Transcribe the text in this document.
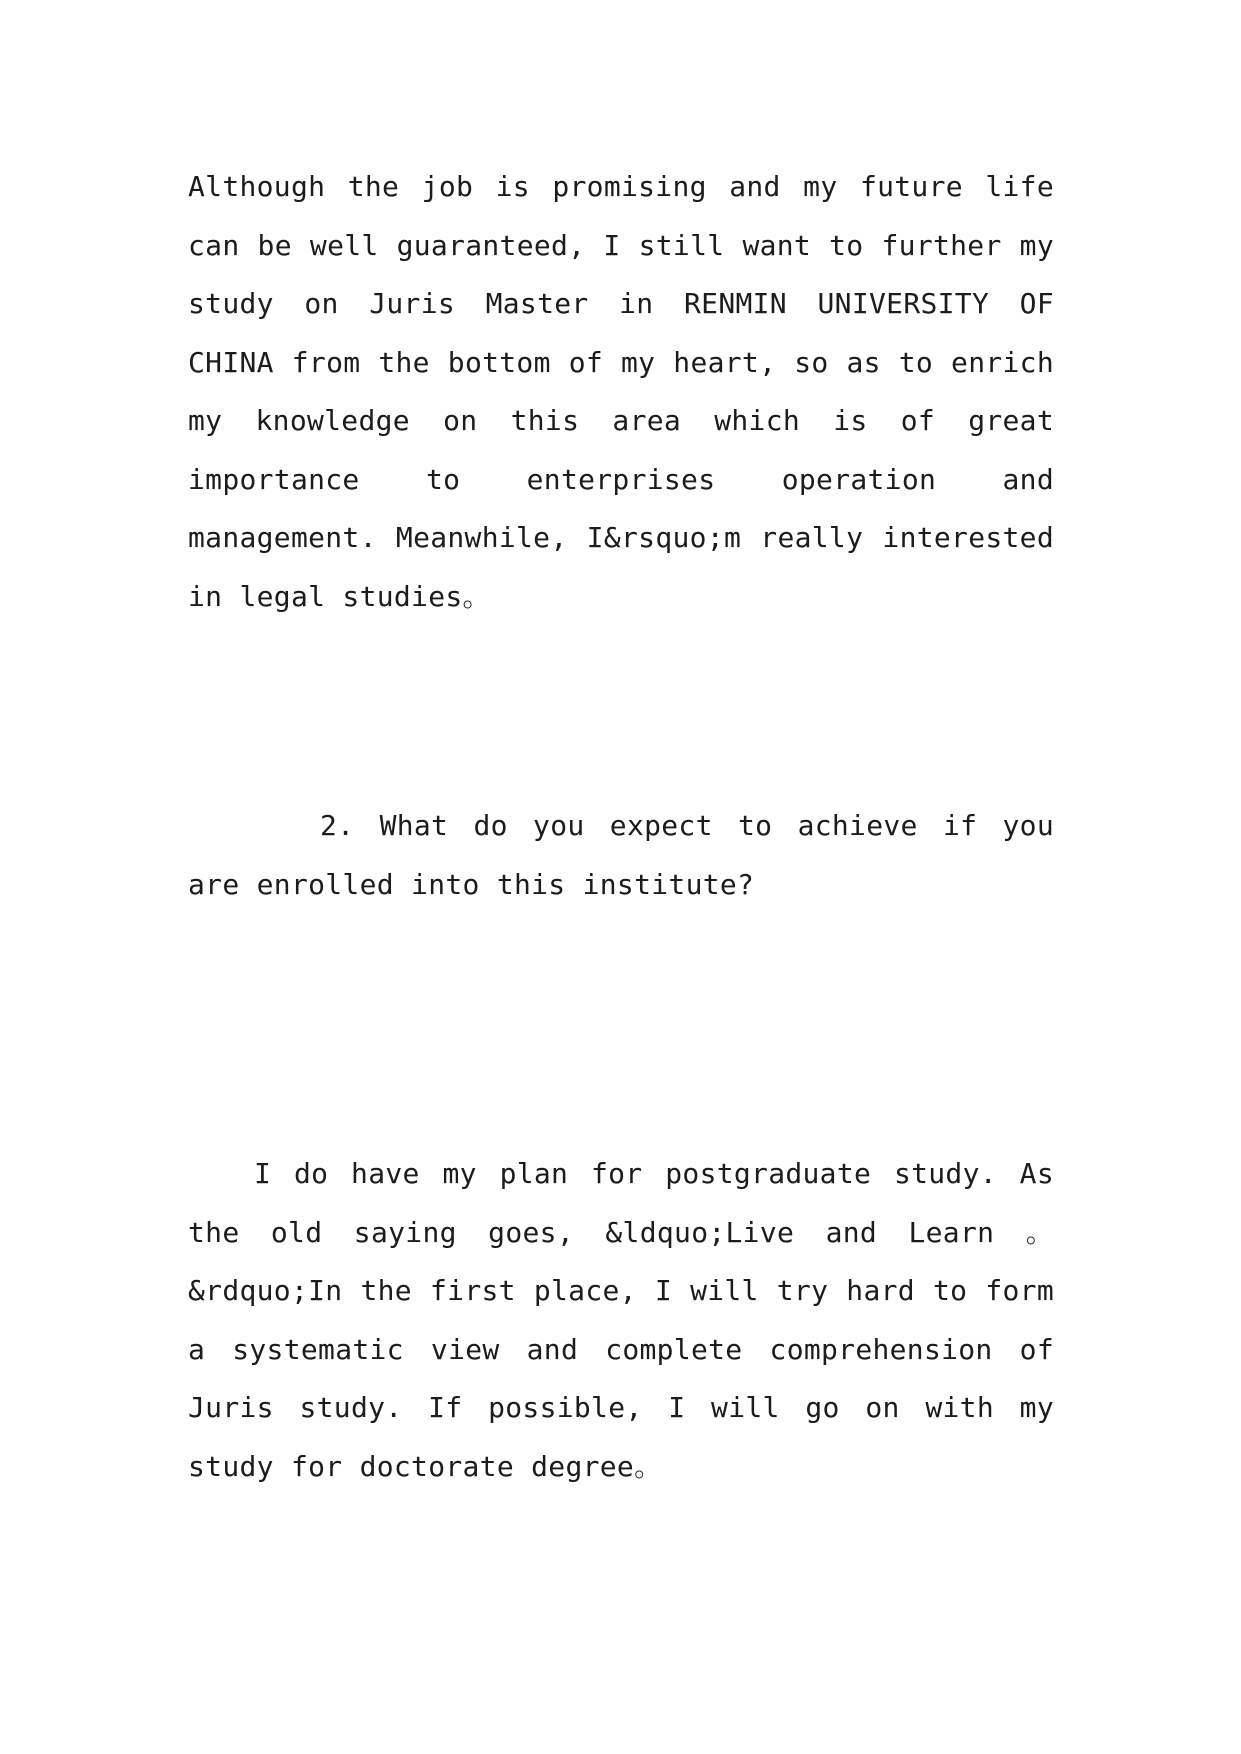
Although the job is promising and my future life can be well guaranteed, I still want to further my study on Juris Master in RENMIN UNIVERSITY OF CHINA from the bottom of my heart, so as to enrich my knowledge on this area which is of great importance to enterprises operation and management. Meanwhile, I&rsquo;m really interested in legal studies。

2. What do you expect to achieve if you are enrolled into this institute?

I do have my plan for postgraduate study. As the old saying goes, &ldquo;Live and Learn 。 &rdquo;In the first place, I will try hard to form a systematic view and complete comprehension of Juris study. If possible, I will go on with my study for doctorate degree。
